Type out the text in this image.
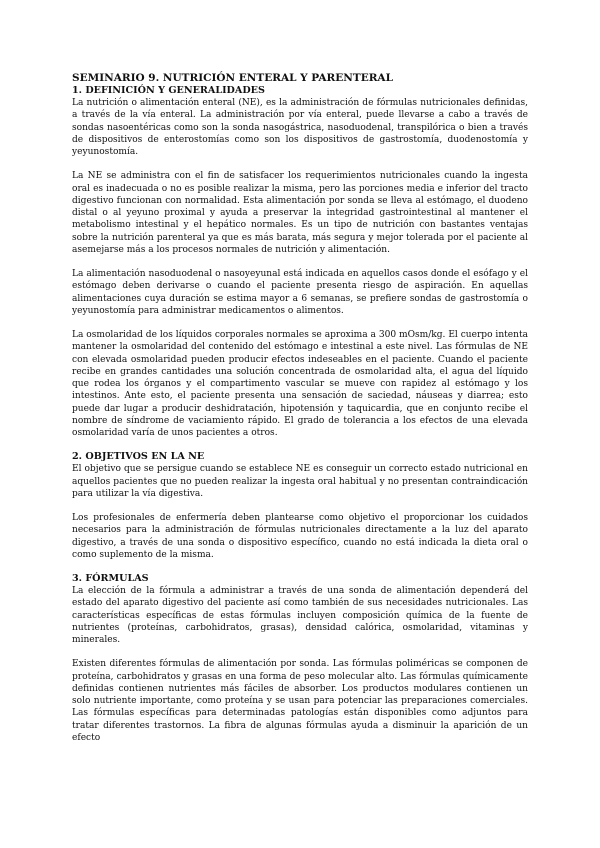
SEMINARIO 9. NUTRICIÓN ENTERAL Y PARENTERAL
1. DEFINICIÓN Y GENERALIDADES

La nutrición o alimentación enteral (NE), es la administración de fórmulas nutricionales definidas, a través de la vía enteral. La administración por vía enteral, puede llevarse a cabo a través de sondas nasoentéricas como son la sonda nasogástrica, nasoduodenal, transpilórica o bien a través de dispositivos de enterostomías como son los dispositivos de gastrostomía, duodenostomía y yeyunostomía.

La NE se administra con el fin de satisfacer los requerimientos nutricionales cuando la ingesta oral es inadecuada o no es posible realizar la misma, pero las porciones media e inferior del tracto digestivo funcionan con normalidad. Esta alimentación por sonda se lleva al estómago, el duodeno distal o al yeyuno proximal y ayuda a preservar la integridad gastrointestinal al mantener el metabolismo intestinal y el hepático normales. Es un tipo de nutrición con bastantes ventajas sobre la nutrición parenteral ya que es más barata, más segura y mejor tolerada por el paciente al asemejarse más a los procesos normales de nutrición y alimentación.

La alimentación nasoduodenal o nasoyeyunal está indicada en aquellos casos donde el esófago y el estómago deben derivarse o cuando el paciente presenta riesgo de aspiración. En aquellas alimentaciones cuya duración se estima mayor a 6 semanas, se prefiere sondas de gastrostomía o yeyunostomía para administrar medicamentos o alimentos.

La osmolaridad de los líquidos corporales normales se aproxima a 300 mOsm/kg. El cuerpo intenta mantener la osmolaridad del contenido del estómago e intestinal a este nivel. Las fórmulas de NE con elevada osmolaridad pueden producir efectos indeseables en el paciente. Cuando el paciente recibe en grandes cantidades una solución concentrada de osmolaridad alta, el agua del líquido que rodea los órganos y el compartimento vascular se mueve con rapidez al estómago y los intestinos. Ante esto, el paciente presenta una sensación de saciedad, náuseas y diarrea; esto puede dar lugar a producir deshidratación, hipotensión y taquicardia, que en conjunto recibe el nombre de síndrome de vaciamiento rápido. El grado de tolerancia a los efectos de una elevada osmolaridad varía de unos pacientes a otros.

2. OBJETIVOS EN LA NE

El objetivo que se persigue cuando se establece NE es conseguir un correcto estado nutricional en aquellos pacientes que no pueden realizar la ingesta oral habitual y no presentan contraindicación para utilizar la vía digestiva.

Los profesionales de enfermería deben plantearse como objetivo el proporcionar los cuidados necesarios para la administración de fórmulas nutricionales directamente a la luz del aparato digestivo, a través de una sonda o dispositivo específico, cuando no está indicada la dieta oral o como suplemento de la misma.

3. FÓRMULAS

La elección de la fórmula a administrar a través de una sonda de alimentación dependerá del estado del aparato digestivo del paciente así como también de sus necesidades nutricionales. Las características específicas de estas fórmulas incluyen composición química de la fuente de nutrientes (proteínas, carbohidratos, grasas), densidad calórica, osmolaridad, vitaminas y minerales.

Existen diferentes fórmulas de alimentación por sonda. Las fórmulas poliméricas se componen de proteína, carbohidratos y grasas en una forma de peso molecular alto. Las fórmulas químicamente definidas contienen nutrientes más fáciles de absorber. Los productos modulares contienen un solo nutriente importante, como proteína y se usan para potenciar las preparaciones comerciales. Las fórmulas específicas para determinadas patologías están disponibles como adjuntos para tratar diferentes trastornos. La fibra de algunas fórmulas ayuda a disminuir la aparición de un efecto
